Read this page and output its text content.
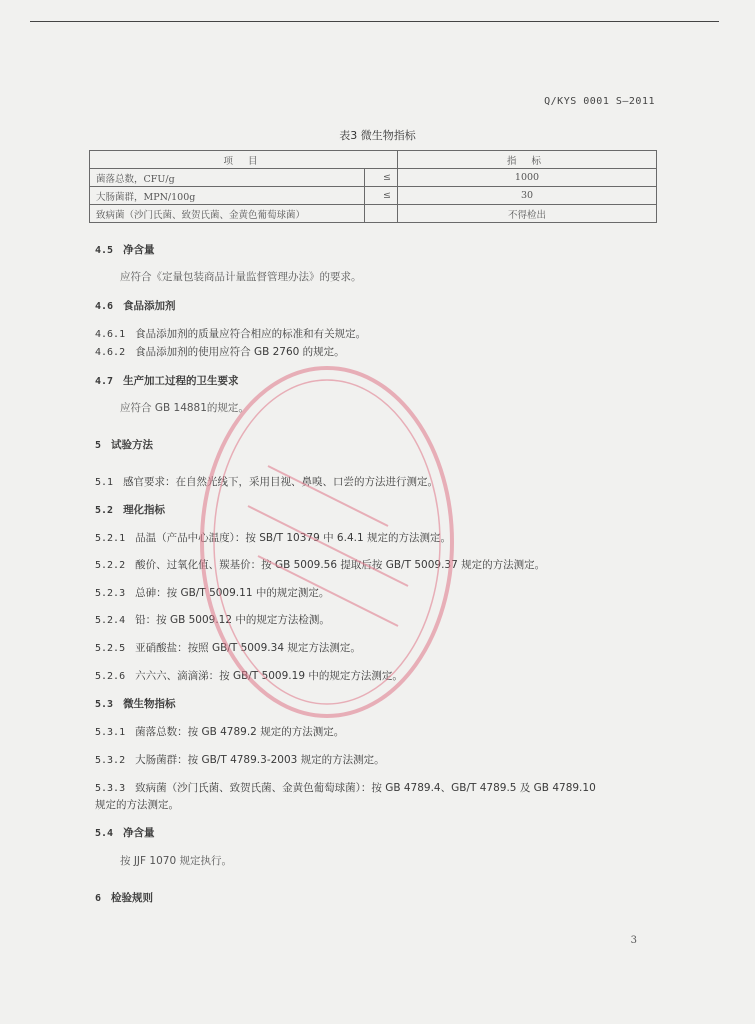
Q/KYS 0001 S—2011
表3 微生物指标
项 目		指 标
菌落总数，CFU/g	≤	1000
大肠菌群，MPN/100g	≤	30
致病菌（沙门氏菌、致贺氏菌、金黄色葡萄球菌）		不得检出
4.5 净含量
应符合《定量包装商品计量监督管理办法》的要求。
4.6 食品添加剂
4.6.1 食品添加剂的质量应符合相应的标准和有关规定。
4.6.2 食品添加剂的使用应符合 GB 2760 的规定。
4.7 生产加工过程的卫生要求
应符合 GB 14881的规定。
5 试验方法
5.1 感官要求：在自然光线下，采用目视、鼻嗅、口尝的方法进行测定。
5.2 理化指标
5.2.1 品温（产品中心温度）：按 SB/T 10379 中 6.4.1 规定的方法测定。
5.2.2 酸价、过氧化值、羰基价：按 GB 5009.56 提取后按 GB/T 5009.37 规定的方法测定。
5.2.3 总砷：按 GB/T 5009.11 中的规定测定。
5.2.4 铅：按 GB 5009.12 中的规定方法检测。
5.2.5 亚硝酸盐：按照 GB/T 5009.34 规定方法测定。
5.2.6 六六六、滴滴涕：按 GB/T 5009.19 中的规定方法测定。
5.3 微生物指标
5.3.1 菌落总数：按 GB 4789.2 规定的方法测定。
5.3.2 大肠菌群：按 GB/T 4789.3-2003 规定的方法测定。
5.3.3 致病菌（沙门氏菌、致贺氏菌、金黄色葡萄球菌）：按 GB 4789.4、GB/T 4789.5 及 GB 4789.10
规定的方法测定。
5.4 净含量
按 JJF 1070 规定执行。
6 检验规则
3
